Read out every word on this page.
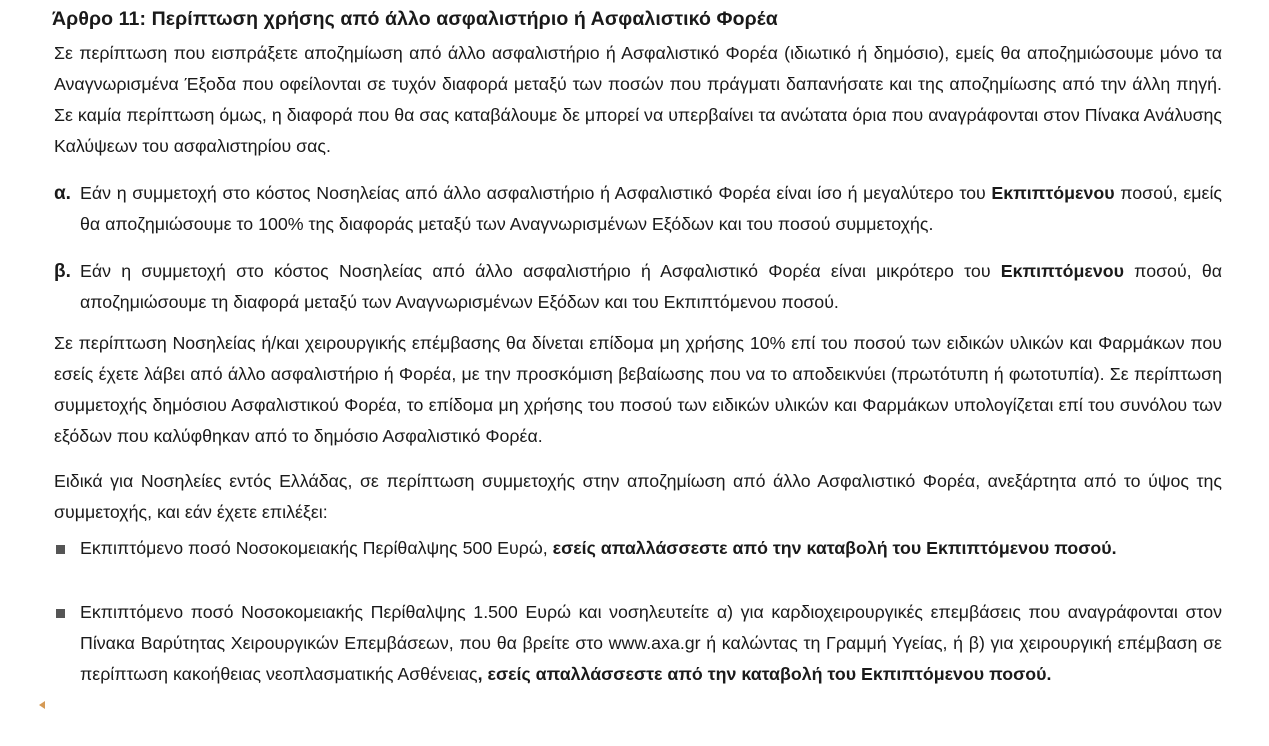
Άρθρο 11: Περίπτωση χρήσης από άλλο ασφαλιστήριο ή Ασφαλιστικό Φορέα
Σε περίπτωση που εισπράξετε αποζημίωση από άλλο ασφαλιστήριο ή Ασφαλιστικό Φορέα (ιδιωτικό ή δημόσιο), εμείς θα αποζημιώσουμε μόνο τα Αναγνωρισμένα Έξοδα που οφείλονται σε τυχόν διαφορά μεταξύ των ποσών που πράγματι δαπανήσατε και της αποζημίωσης από την άλλη πηγή. Σε καμία περίπτωση όμως, η διαφορά που θα σας καταβάλουμε δε μπορεί να υπερβαίνει τα ανώτατα όρια που αναγράφονται στον Πίνακα Ανάλυσης Καλύψεων του ασφαλιστηρίου σας.
α. Εάν η συμμετοχή στο κόστος Νοσηλείας από άλλο ασφαλιστήριο ή Ασφαλιστικό Φορέα είναι ίσο ή μεγαλύτερο του Εκπιπτόμενου ποσού, εμείς θα αποζημιώσουμε το 100% της διαφοράς μεταξύ των Αναγνωρισμένων Εξόδων και του ποσού συμμετοχής.
β. Εάν η συμμετοχή στο κόστος Νοσηλείας από άλλο ασφαλιστήριο ή Ασφαλιστικό Φορέα είναι μικρότερο του Εκπιπτόμενου ποσού, θα αποζημιώσουμε τη διαφορά μεταξύ των Αναγνωρισμένων Εξόδων και του Εκπιπτόμενου ποσού.
Σε περίπτωση Νοσηλείας ή/και χειρουργικής επέμβασης θα δίνεται επίδομα μη χρήσης 10% επί του ποσού των ειδικών υλικών και Φαρμάκων που εσείς έχετε λάβει από άλλο ασφαλιστήριο ή Φορέα, με την προσκόμιση βεβαίωσης που να το αποδεικνύει (πρωτότυπη ή φωτοτυπία). Σε περίπτωση συμμετοχής δημόσιου Ασφαλιστικού Φορέα, το επίδομα μη χρήσης του ποσού των ειδικών υλικών και Φαρμάκων υπολογίζεται επί του συνόλου των εξόδων που καλύφθηκαν από το δημόσιο Ασφαλιστικό Φορέα.
Ειδικά για Νοσηλείες εντός Ελλάδας, σε περίπτωση συμμετοχής στην αποζημίωση από άλλο Ασφαλιστικό Φορέα, ανεξάρτητα από το ύψος της συμμετοχής, και εάν έχετε επιλέξει:
Εκπιπτόμενο ποσό Νοσοκομειακής Περίθαλψης 500 Ευρώ, εσείς απαλλάσσεστε από την καταβολή του Εκπιπτόμενου ποσού.
Εκπιπτόμενο ποσό Νοσοκομειακής Περίθαλψης 1.500 Ευρώ και νοσηλευτείτε α) για καρδιοχειρουργικές επεμβάσεις που αναγράφονται στον Πίνακα Βαρύτητας Χειρουργικών Επεμβάσεων, που θα βρείτε στο www.axa.gr ή καλώντας τη Γραμμή Υγείας, ή β) για χειρουργική επέμβαση σε περίπτωση κακοήθειας νεοπλασματικής Ασθένειας, εσείς απαλλάσσεστε από την καταβολή του Εκπιπτόμενου ποσού.
